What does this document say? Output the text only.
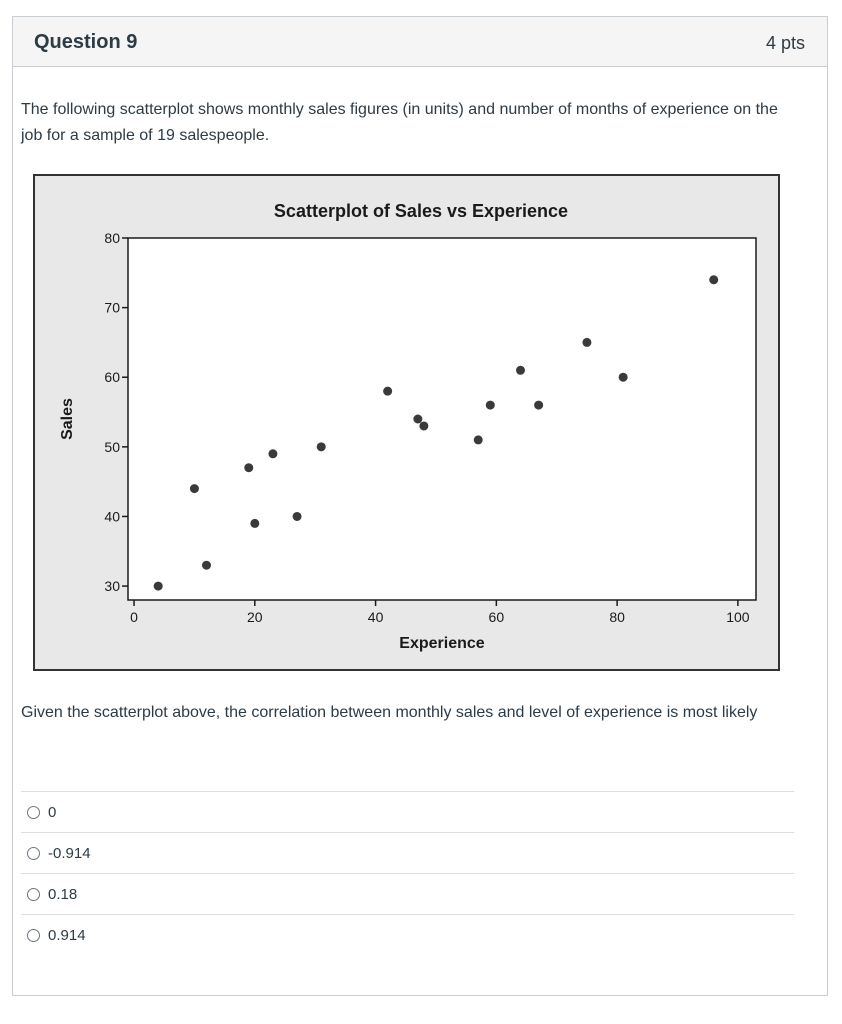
Question 9	4 pts
The following scatterplot shows monthly sales figures (in units) and number of months of experience on the job for a sample of 19 salespeople.
Scatterplot of Sales vs Experience
30
40
50
60
70
80
0	20	40	60	80	100
Experience
Sales
Given the scatterplot above, the correlation between monthly sales and level of experience is most likely
0
-0.914
0.18
0.914
